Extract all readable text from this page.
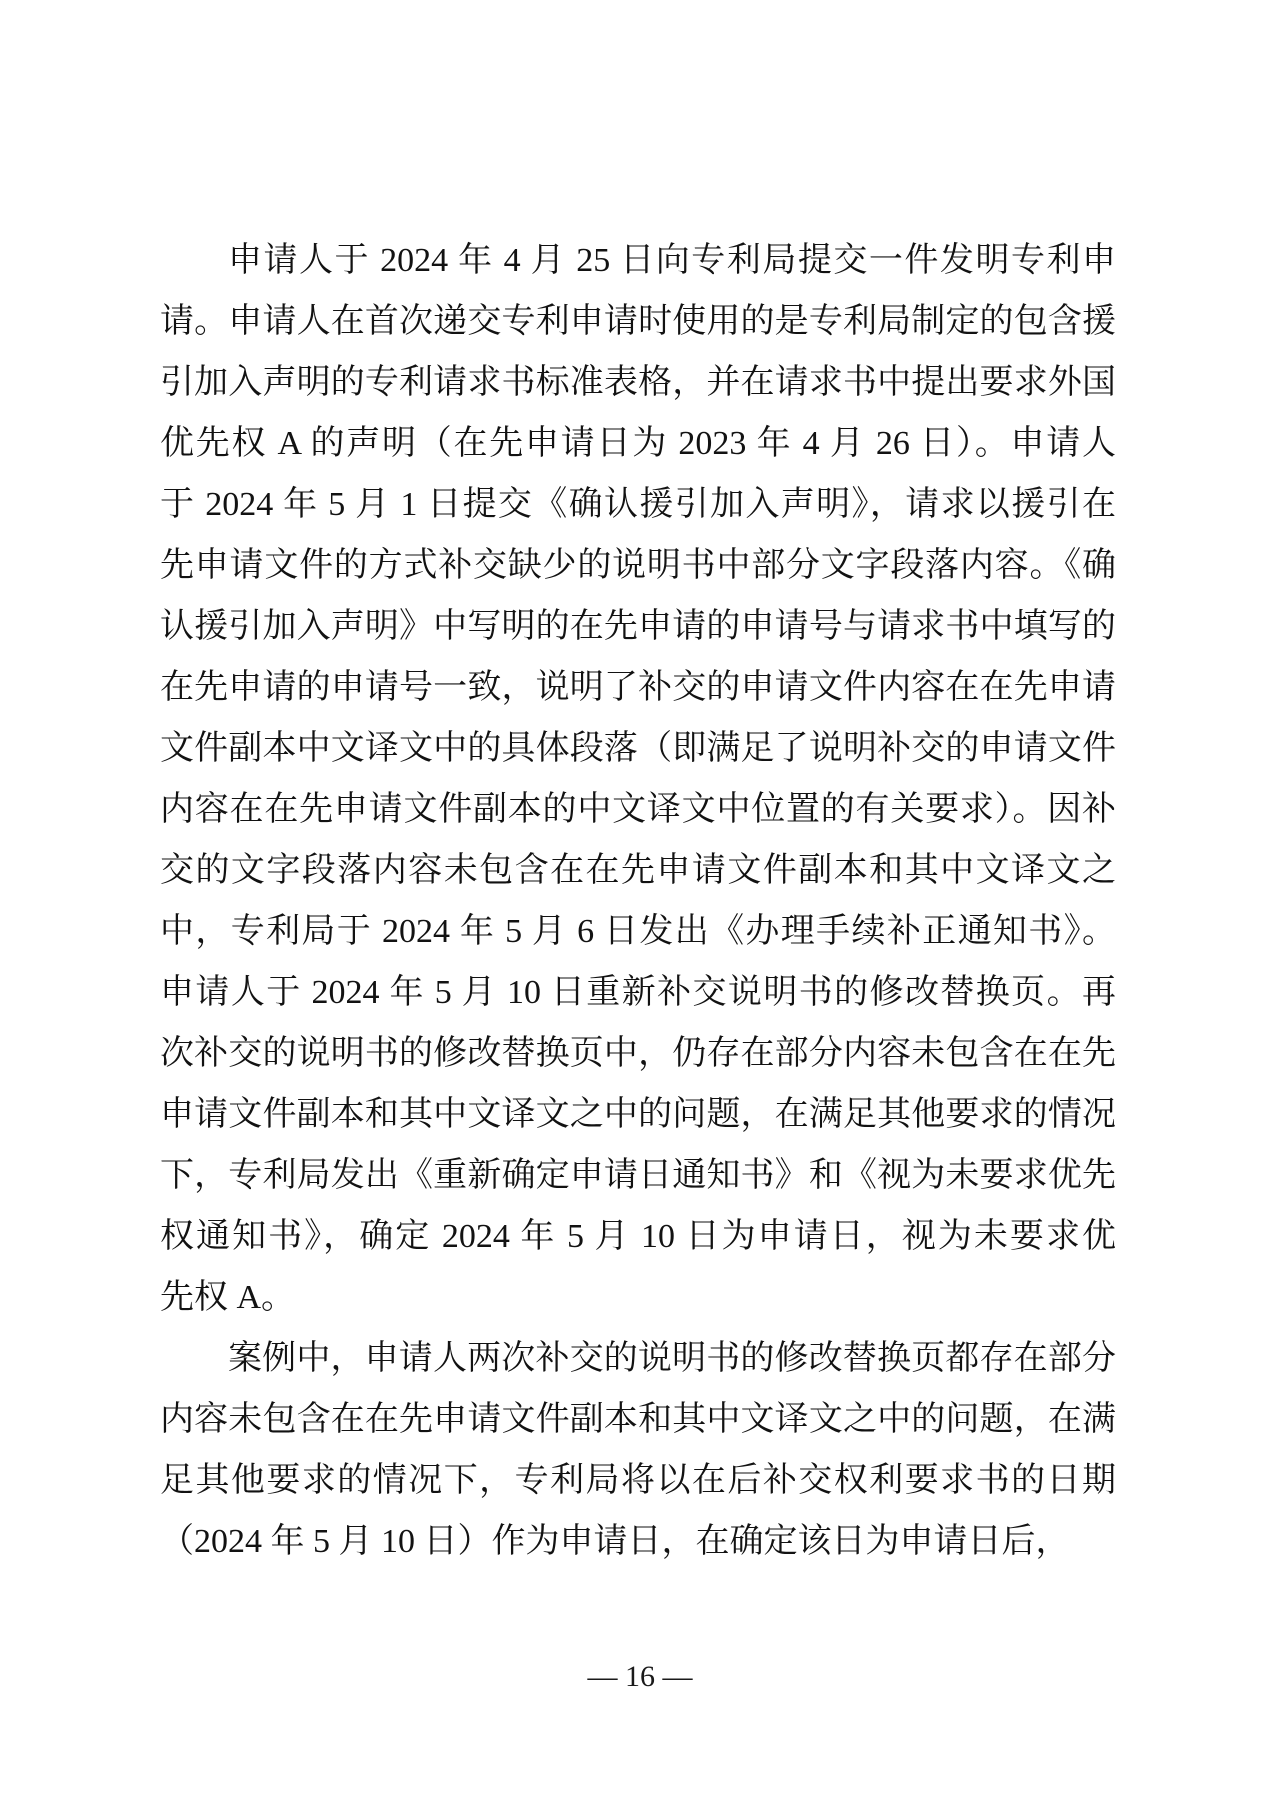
申请人于 2024 年 4 月 25 日向专利局提交一件发明专利申
请。申请人在首次递交专利申请时使用的是专利局制定的包含援
引加入声明的专利请求书标准表格，并在请求书中提出要求外国
优先权 A 的声明（在先申请日为 2023 年 4 月 26 日）。申请人
于 2024 年 5 月 1 日提交《确认援引加入声明》，请求以援引在
先申请文件的方式补交缺少的说明书中部分文字段落内容。《确
认援引加入声明》中写明的在先申请的申请号与请求书中填写的
在先申请的申请号一致，说明了补交的申请文件内容在在先申请
文件副本中文译文中的具体段落（即满足了说明补交的申请文件
内容在在先申请文件副本的中文译文中位置的有关要求）。因补
交的文字段落内容未包含在在先申请文件副本和其中文译文之
中，专利局于 2024 年 5 月 6 日发出《办理手续补正通知书》。
申请人于 2024 年 5 月 10 日重新补交说明书的修改替换页。再
次补交的说明书的修改替换页中，仍存在部分内容未包含在在先
申请文件副本和其中文译文之中的问题，在满足其他要求的情况
下，专利局发出《重新确定申请日通知书》和《视为未要求优先
权通知书》，确定 2024 年 5 月 10 日为申请日，视为未要求优
先权 A。
案例中，申请人两次补交的说明书的修改替换页都存在部分
内容未包含在在先申请文件副本和其中文译文之中的问题，在满
足其他要求的情况下，专利局将以在后补交权利要求书的日期
（2024 年 5 月 10 日）作为申请日，在确定该日为申请日后，
— 16 —
